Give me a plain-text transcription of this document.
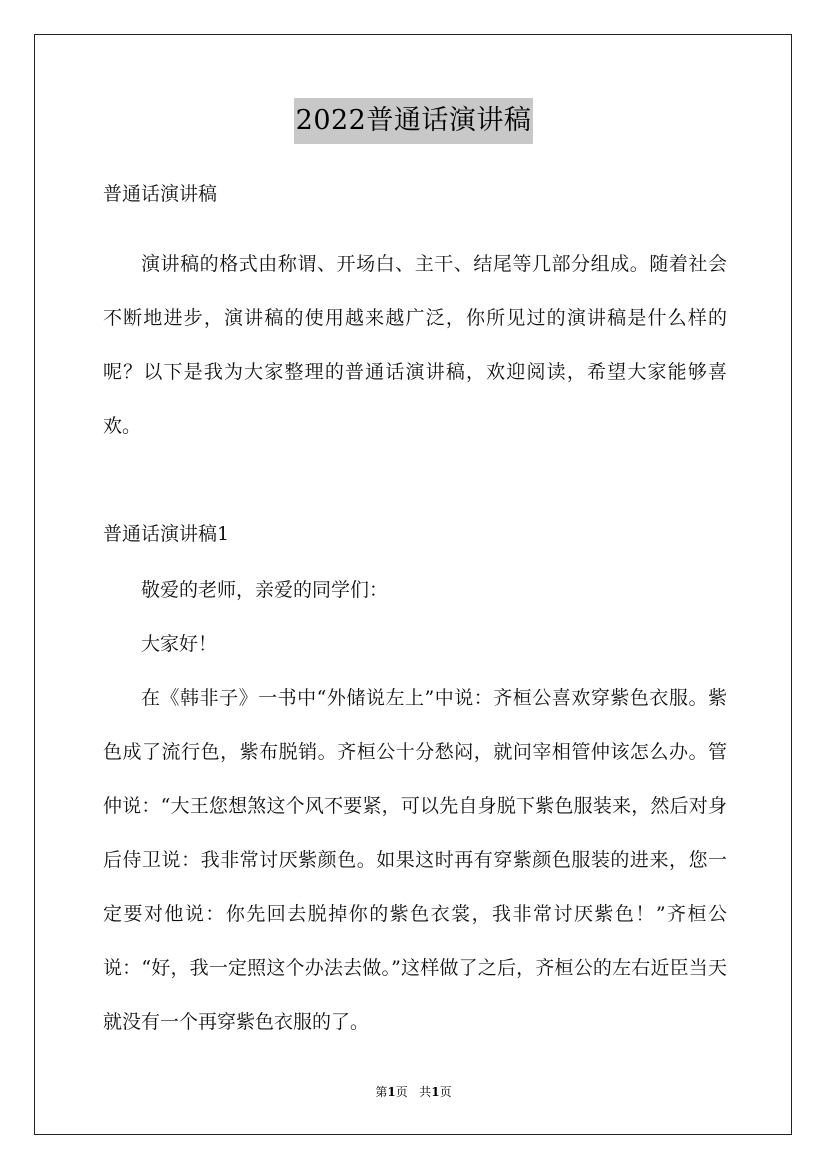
2022普通话演讲稿

普通话演讲稿

演讲稿的格式由称谓、开场白、主干、结尾等几部分组成。随着社会不断地进步，演讲稿的使用越来越广泛，你所见过的演讲稿是什么样的呢？以下是我为大家整理的普通话演讲稿，欢迎阅读，希望大家能够喜欢。

普通话演讲稿1

敬爱的老师，亲爱的同学们：

大家好！

在《韩非子》一书中“外储说左上”中说：齐桓公喜欢穿紫色衣服。紫色成了流行色，紫布脱销。齐桓公十分愁闷，就问宰相管仲该怎么办。管仲说：“大王您想煞这个风不要紧，可以先自身脱下紫色服装来，然后对身后侍卫说：我非常讨厌紫颜色。如果这时再有穿紫颜色服装的进来，您一定要对他说：你先回去脱掉你的紫色衣裳，我非常讨厌紫色！”齐桓公说：“好，我一定照这个办法去做。”这样做了之后，齐桓公的左右近臣当天就没有一个再穿紫色衣服的了。

第1页 共1页
